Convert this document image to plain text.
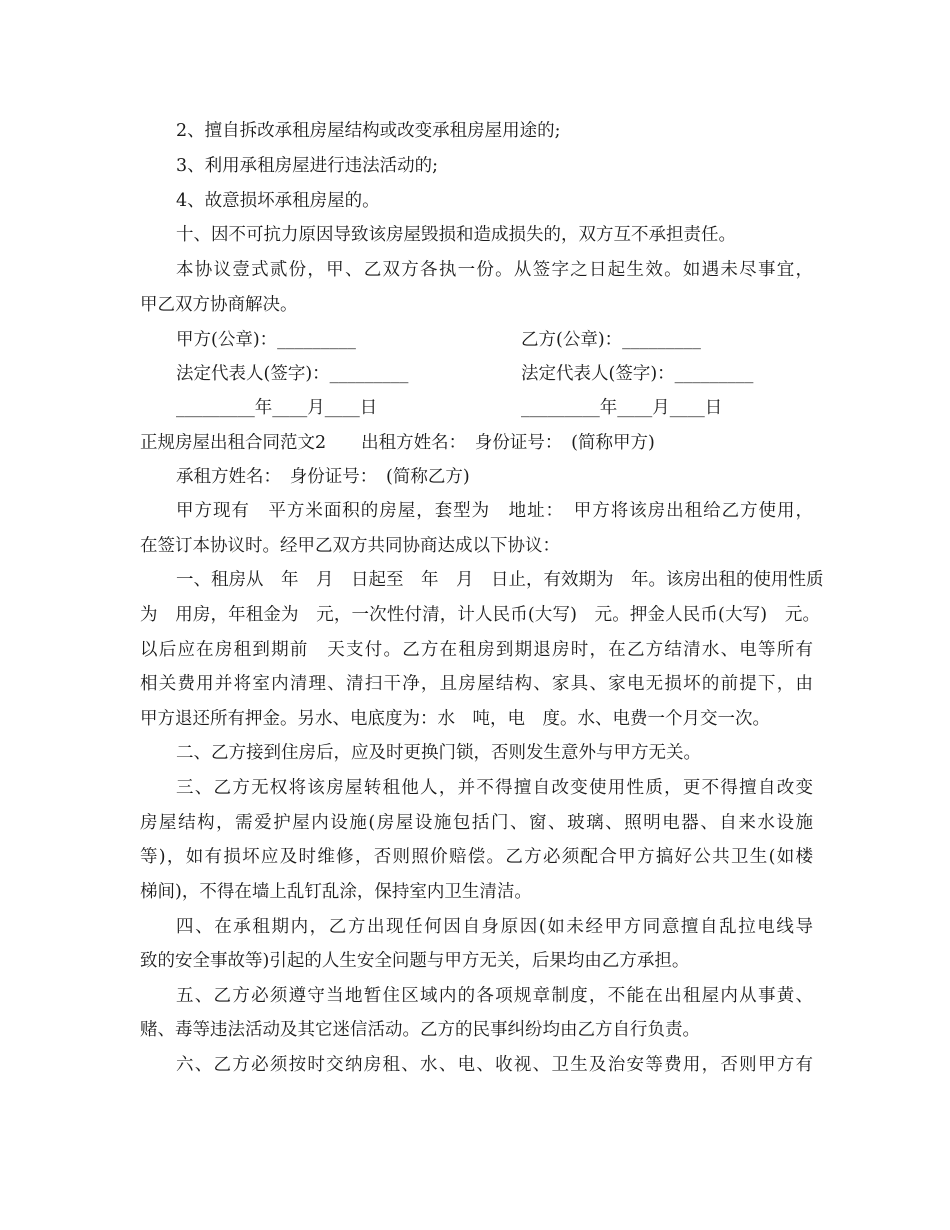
2、擅自拆改承租房屋结构或改变承租房屋用途的;
3、利用承租房屋进行违法活动的;
4、故意损坏承租房屋的。
十、因不可抗力原因导致该房屋毁损和造成损失的，双方互不承担责任。
本协议壹式贰份，甲、乙双方各执一份。从签字之日起生效。如遇未尽事宜，
甲乙双方协商解决。
甲方(公章)：_________	乙方(公章)：_________
法定代表人(签字)：_________	法定代表人(签字)：_________
_________年____月____日	_________年____月____日
正规房屋出租合同范文2　　出租方姓名：　身份证号：　(简称甲方)
承租方姓名：　身份证号：　(简称乙方)
甲方现有　平方米面积的房屋，套型为　地址：　甲方将该房出租给乙方使用，
在签订本协议时。经甲乙双方共同协商达成以下协议：
一、租房从　年　月　日起至　年　月　日止，有效期为　年。该房出租的使用性质
为　用房，年租金为　元，一次性付清，计人民币(大写)　元。押金人民币(大写)　元。
以后应在房租到期前　天支付。乙方在租房到期退房时，在乙方结清水、电等所有
相关费用并将室内清理、清扫干净，且房屋结构、家具、家电无损坏的前提下，由
甲方退还所有押金。另水、电底度为：水　吨，电　度。水、电费一个月交一次。
二、乙方接到住房后，应及时更换门锁，否则发生意外与甲方无关。
三、乙方无权将该房屋转租他人，并不得擅自改变使用性质，更不得擅自改变
房屋结构，需爱护屋内设施(房屋设施包括门、窗、玻璃、照明电器、自来水设施
等)，如有损坏应及时维修，否则照价赔偿。乙方必须配合甲方搞好公共卫生(如楼
梯间)，不得在墙上乱钉乱涂，保持室内卫生清洁。
四、在承租期内，乙方出现任何因自身原因(如未经甲方同意擅自乱拉电线导
致的安全事故等)引起的人生安全问题与甲方无关，后果均由乙方承担。
五、乙方必须遵守当地暂住区域内的各项规章制度，不能在出租屋内从事黄、
赌、毒等违法活动及其它迷信活动。乙方的民事纠纷均由乙方自行负责。
六、乙方必须按时交纳房租、水、电、收视、卫生及治安等费用，否则甲方有
